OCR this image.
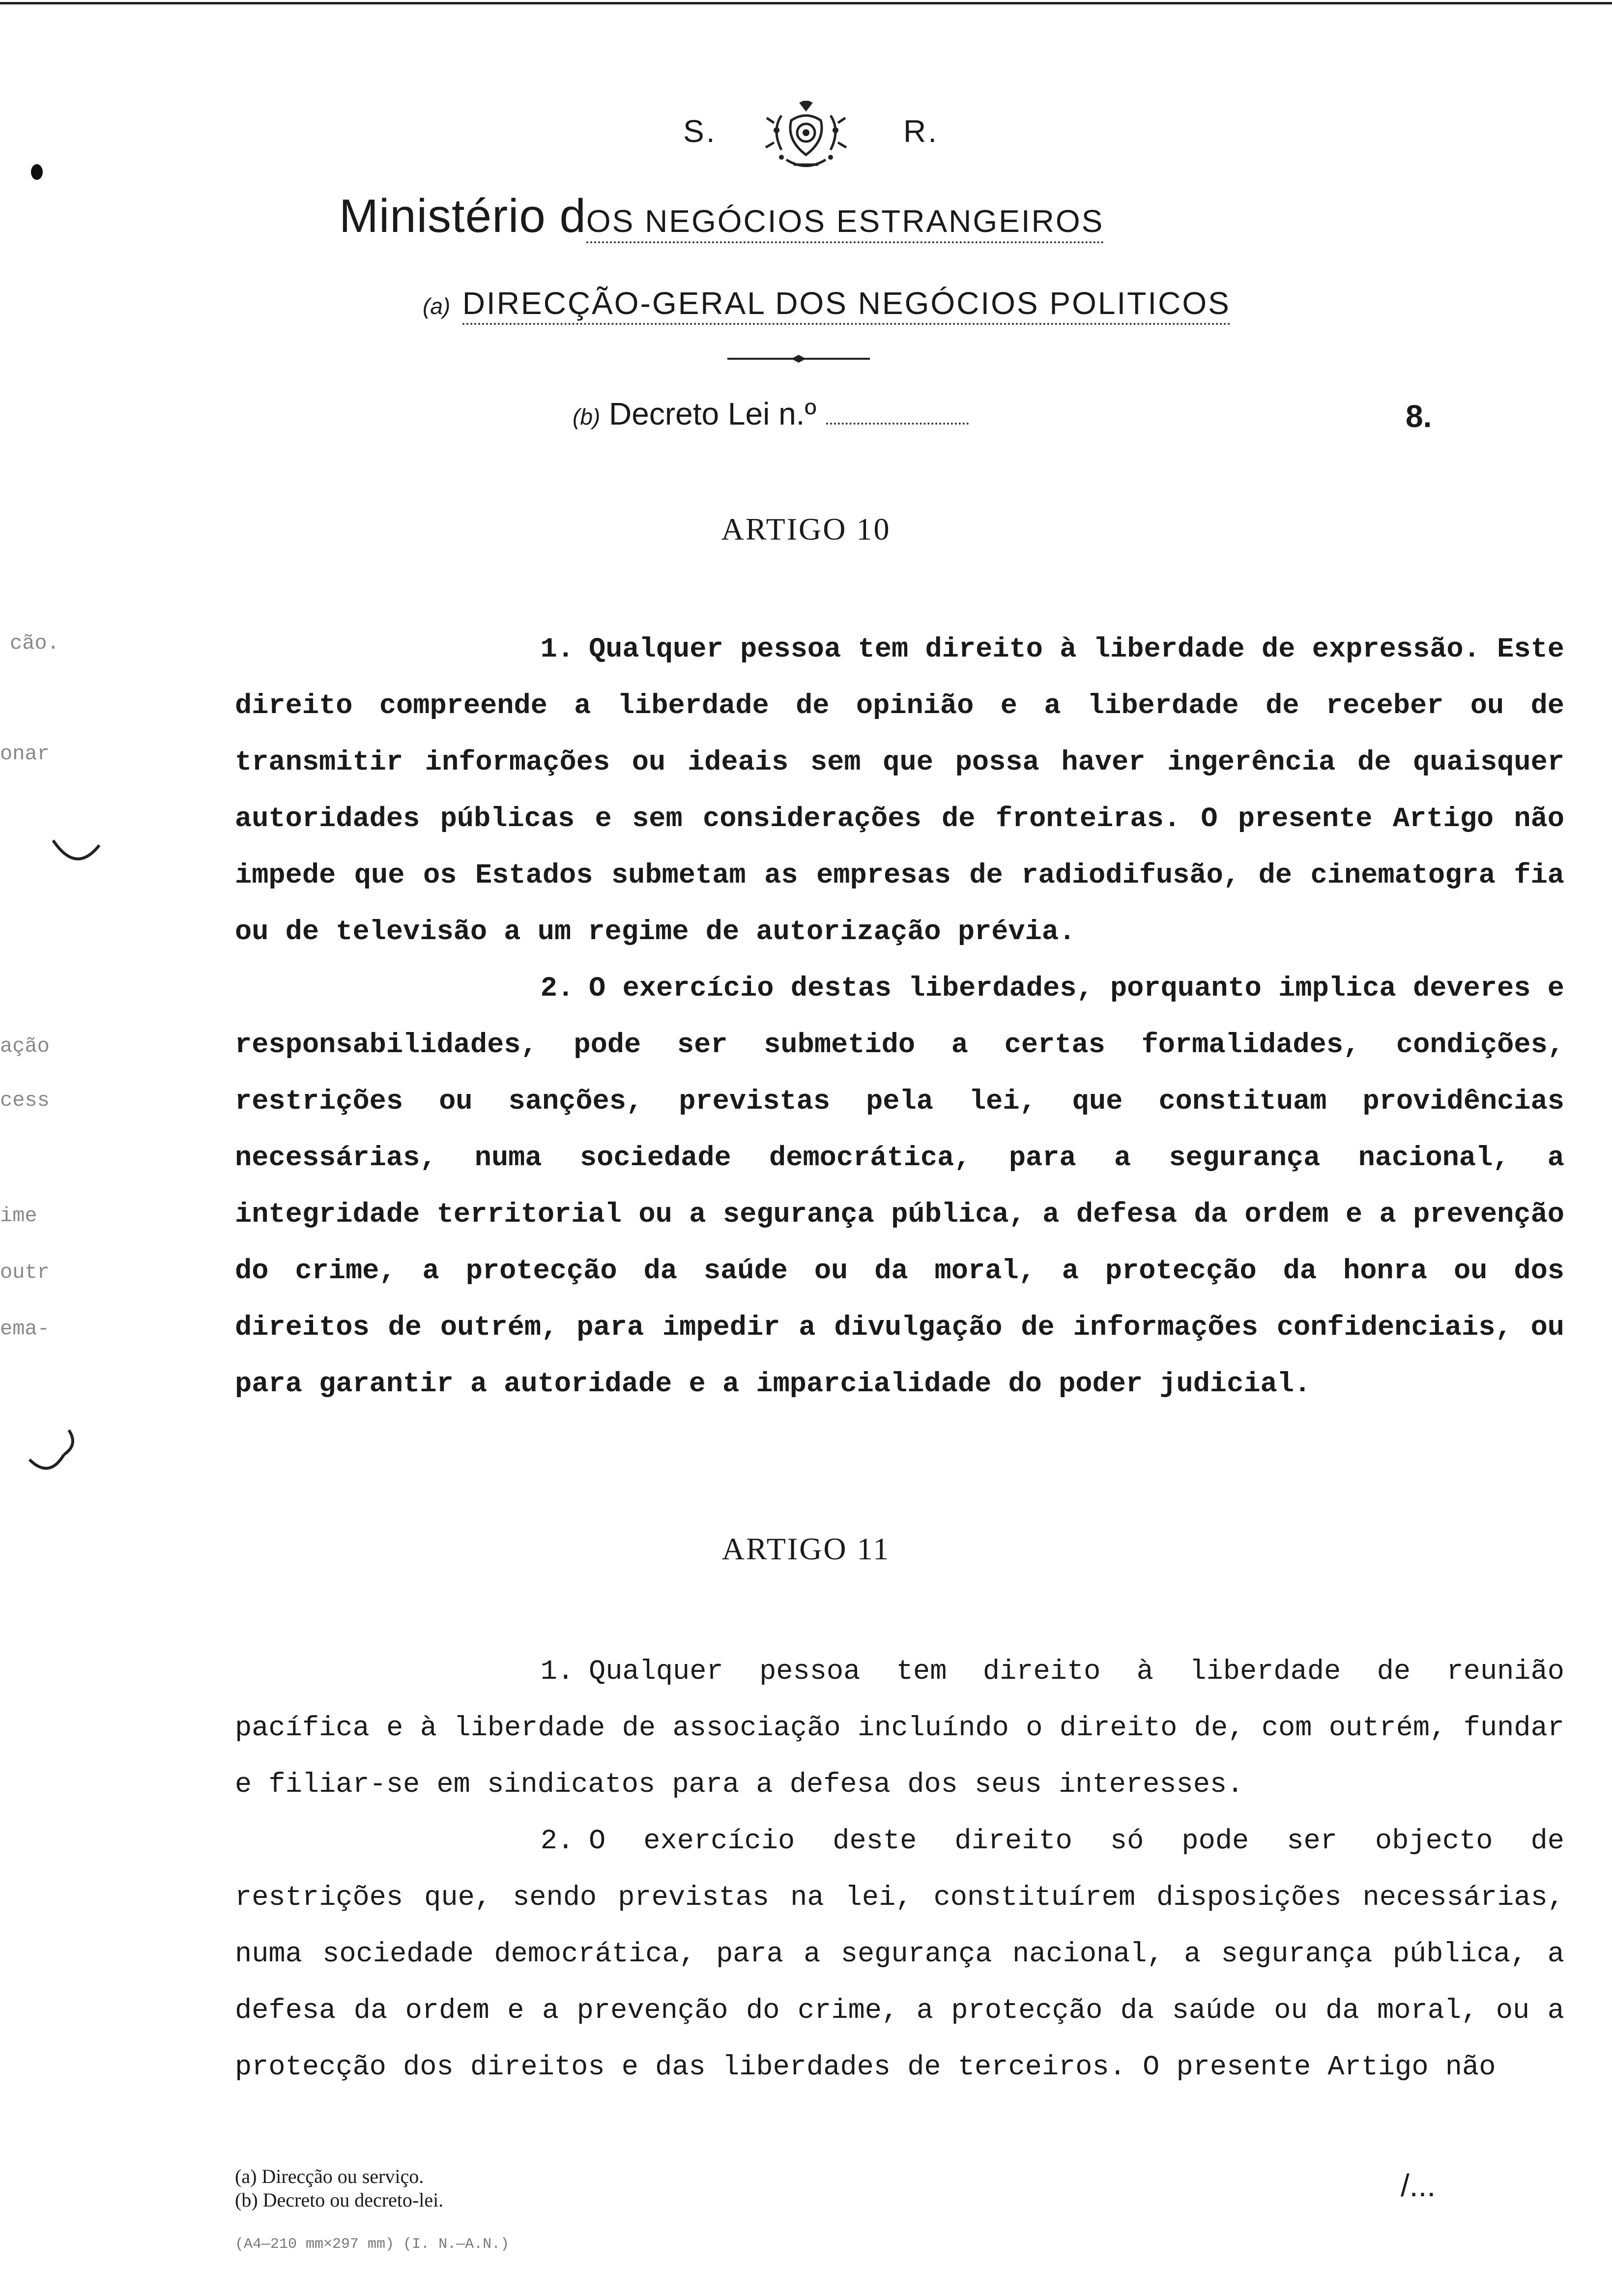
S.	R.
Ministério dOS NEGÓCIOS ESTRANGEIROS
(a) DIRECÇÃO-GERAL DOS NEGÓCIOS POLITICOS
(b) Decreto Lei n.º	8.
ARTIGO 10

1. Qualquer pessoa tem direito à liberdade de expressão. Este direito compreende a liberdade de opinião e a liberdade de receber ou de transmitir informações ou ideais sem que possa haver ingerência de quaisquer autoridades públicas e sem considerações de fronteiras. O presente Artigo não impede que os Estados submetam as empresas de radiodifusão, de cinematogra fia ou de televisão a um regime de autorização prévia.

2. O exercício destas liberdades, porquanto implica deveres e responsabilidades, pode ser submetido a certas formalidades, condições, restrições ou sanções, previstas pela lei, que constituam providências necessárias, numa sociedade democrática, para a segurança nacional, a integridade territorial ou a segurança pública, a defesa da ordem e a prevenção do crime, a protecção da saúde ou da moral, a protecção da honra ou dos direitos de outrém, para impedir a divulgação de informações confidenciais, ou para garantir a autoridade e a imparcialidade do poder judicial.

ARTIGO 11

1. Qualquer pessoa tem direito à liberdade de reunião pacífica e à liberdade de associação incluíndo o direito de, com outrém, fundar e filiar-se em sindicatos para a defesa dos seus interesses.

2. O exercício deste direito só pode ser objecto de restrições que, sendo previstas na lei, constituírem disposições necessárias, numa sociedade democrática, para a segurança nacional, a segurança pública, a defesa da ordem e a prevenção do crime, a protecção da saúde ou da moral, ou a protecção dos direitos e das liberdades de terceiros. O presente Artigo não

cão.
onar
ação
cess
ime
outr
ema-
(a) Direcção ou serviço.
(b) Decreto ou decreto-lei.	/...
(A4—210 mm×297 mm) (I. N.—A.N.)
